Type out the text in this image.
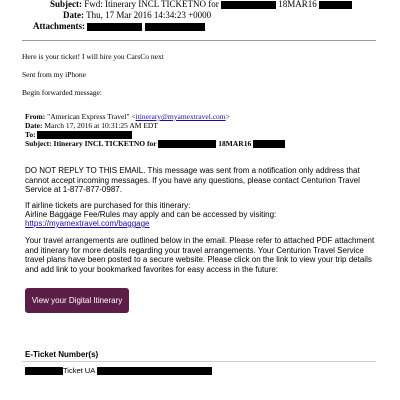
Subject: Fwd: Itinerary INCL TICKETNO for	18MAR16
Date: Thu, 17 Mar 2016 14:34:23 +0000
Attachments:
Here is your ticket! I will hire you CarsCo next
Sent from my iPhone
Begin forwarded message:
From: "American Express Travel" <itinerary@myamextravel.com>
Date: March 17, 2016 at 10:31:25 AM EDT
To:
Subject: Itinerary INCL TICKETNO for	18MAR16
DO NOT REPLY TO THIS EMAIL. This message was sent from a notification only address that cannot accept incoming messages. If you have any questions, please contact Centurion Travel Service at 1-877-877-0987.
If airline tickets are purchased for this itinerary:
Airline Baggage Fee/Rules may apply and can be accessed by visiting:
https://myamextravel.com/baggage
Your travel arrangements are outlined below in the email. Please refer to attached PDF attachment and itinerary for more details regarding your travel arrangements. Your Centurion Travel Service travel plans have been posted to a secure website. Please click on the link to view your trip details and add link to your bookmarked favorites for easy access in the future:
View your Digital Itinerary
E-Ticket Number(s)
Ticket UA
